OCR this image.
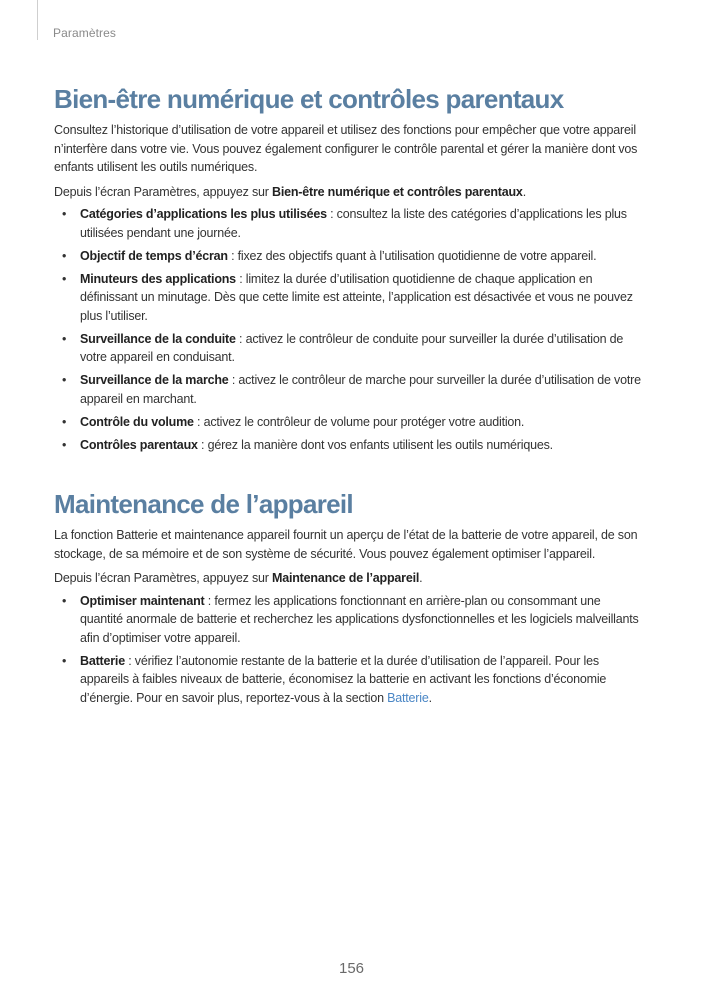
Paramètres
Bien-être numérique et contrôles parentaux

Consultez l’historique d’utilisation de votre appareil et utilisez des fonctions pour empêcher que votre appareil n’interfère dans votre vie. Vous pouvez également configurer le contrôle parental et gérer la manière dont vos enfants utilisent les outils numériques.

Depuis l’écran Paramètres, appuyez sur Bien-être numérique et contrôles parentaux.

• Catégories d’applications les plus utilisées : consultez la liste des catégories d’applications les plus utilisées pendant une journée.
• Objectif de temps d’écran : fixez des objectifs quant à l’utilisation quotidienne de votre appareil.
• Minuteurs des applications : limitez la durée d’utilisation quotidienne de chaque application en définissant un minutage. Dès que cette limite est atteinte, l’application est désactivée et vous ne pouvez plus l’utiliser.
• Surveillance de la conduite : activez le contrôleur de conduite pour surveiller la durée d’utilisation de votre appareil en conduisant.
• Surveillance de la marche : activez le contrôleur de marche pour surveiller la durée d’utilisation de votre appareil en marchant.
• Contrôle du volume : activez le contrôleur de volume pour protéger votre audition.
• Contrôles parentaux : gérez la manière dont vos enfants utilisent les outils numériques.
Maintenance de l’appareil

La fonction Batterie et maintenance appareil fournit un aperçu de l’état de la batterie de votre appareil, de son stockage, de sa mémoire et de son système de sécurité. Vous pouvez également optimiser l’appareil.

Depuis l’écran Paramètres, appuyez sur Maintenance de l’appareil.

• Optimiser maintenant : fermez les applications fonctionnant en arrière-plan ou consommant une quantité anormale de batterie et recherchez les applications dysfonctionnelles et les logiciels malveillants afin d’optimiser votre appareil.
• Batterie : vérifiez l’autonomie restante de la batterie et la durée d’utilisation de l’appareil. Pour les appareils à faibles niveaux de batterie, économisez la batterie en activant les fonctions d’économie d’énergie. Pour en savoir plus, reportez-vous à la section Batterie.
156
